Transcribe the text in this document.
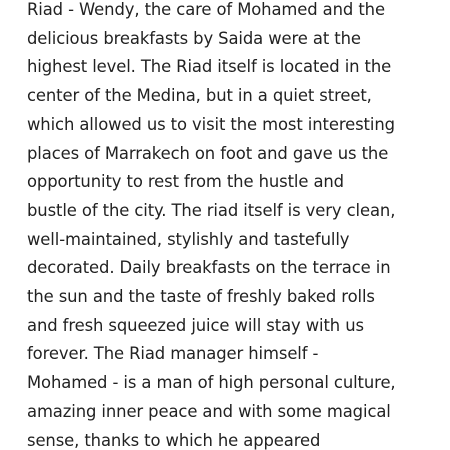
Riad - Wendy, the care of Mohamed and the
delicious breakfasts by Saida were at the
highest level. The Riad itself is located in the
center of the Medina, but in a quiet street,
which allowed us to visit the most interesting
places of Marrakech on foot and gave us the
opportunity to rest from the hustle and
bustle of the city. The riad itself is very clean,
well-maintained, stylishly and tastefully
decorated. Daily breakfasts on the terrace in
the sun and the taste of freshly baked rolls
and fresh squeezed juice will stay with us
forever. The Riad manager himself -
Mohamed - is a man of high personal culture,
amazing inner peace and with some magical
sense, thanks to which he appeared
